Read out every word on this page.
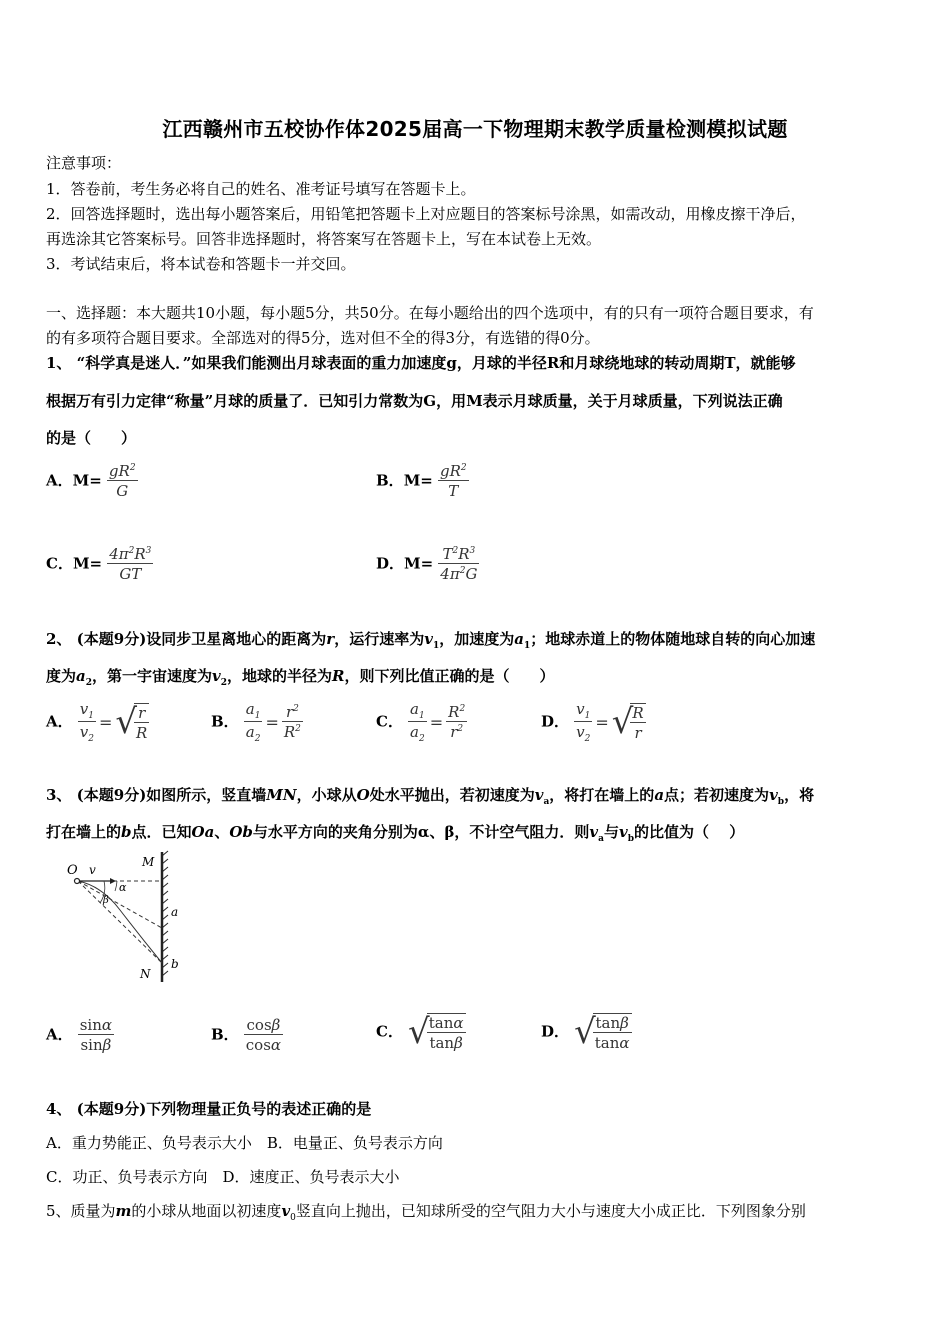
江西赣州市五校协作体2025届高一下物理期末教学质量检测模拟试题
注意事项：
1．答卷前，考生务必将自己的姓名、准考证号填写在答题卡上。
2．回答选择题时，选出每小题答案后，用铅笔把答题卡上对应题目的答案标号涂黑，如需改动，用橡皮擦干净后，
再选涂其它答案标号。回答非选择题时，将答案写在答题卡上，写在本试卷上无效。
3．考试结束后，将本试卷和答题卡一并交回。
一、选择题：本大题共10小题，每小题5分，共50分。在每小题给出的四个选项中，有的只有一项符合题目要求，有
的有多项符合题目要求。全部选对的得5分，选对但不全的得3分，有选错的得0分。
1、 “科学真是迷人．”如果我们能测出月球表面的重力加速度g，月球的半径R和月球绕地球的转动周期T，就能够
根据万有引力定律“称量”月球的质量了．已知引力常数为G，用M表示月球质量，关于月球质量，下列说法正确
的是（　　）
A．$M= \frac{gR^2}{G}$	B．$M= \frac{gR^2}{T}$
C．$M= \frac{4\pi^2R^3}{GT}$	D．$M= \frac{T^2R^3}{4\pi^2G}$
2、 (本题9分)设同步卫星离地心的距离为r，运行速率为$v_1$，加速度为$a_1$；地球赤道上的物体随地球自转的向心加速
度为$a_2$，第一宇宙速度为$v_2$，地球的半径为R，则下列比值正确的是（　　）
A． $\frac{v_1}{v_2}$ =√
$\frac{r}{R}$	B． $\frac{a_1}{a_2} = \frac{r^2}{R^2}$	C． $\frac{a_1}{a_2} = \frac{R^2}{r^2}$	D． $\frac{v_1}{v_2}$ =√
$\frac{R}{r}$
3、 (本题9分)如图所示，竖直墙MN，小球从O处水平抛出，若初速度为$v_a$，将打在墙上的a点；若初速度为$v_b$，将
打在墙上的b点．已知Oa、Ob与水平方向的夹角分别为α、β，不计空气阻力．则$v_a$与$v_b$的比值为（　 ）
O v
α
β
M
a
N
b
A． $\frac{\sin\alpha}{\sin\beta}$	B． $\frac{\cos\beta}{\cos\alpha}$	C． √
$\frac{\tan\alpha}{\tan\beta}$	D． √
$\frac{\tan\beta}{\tan\alpha}$
4、 (本题9分)下列物理量正负号的表述正确的是
A．重力势能正、负号表示大小　B．电量正、负号表示方向
C．功正、负号表示方向　D．速度正、负号表示大小
5、质量为m的小球从地面以初速度$v_0$竖直向上抛出，已知球所受的空气阻力大小与速度大小成正比．下列图象分别
